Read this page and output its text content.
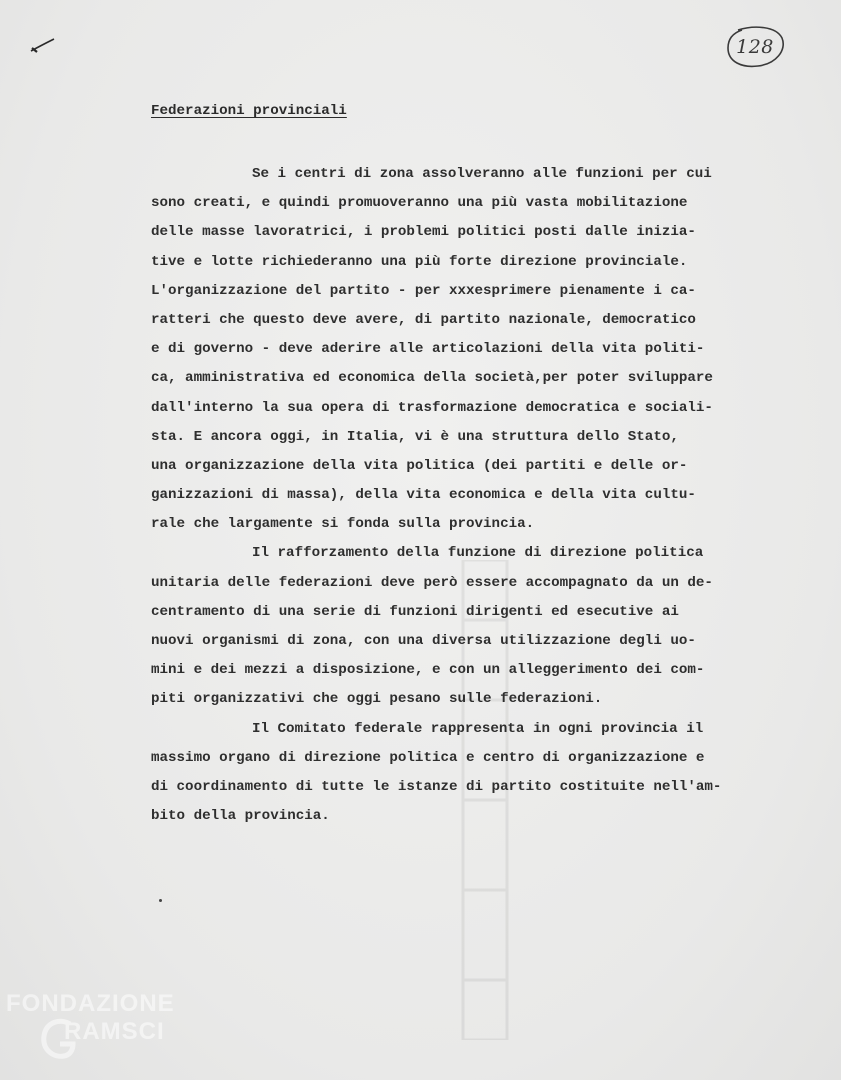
128
Federazioni provinciali
Se i centri di zona assolveranno alle funzioni per cui
sono creati, e quindi promuoveranno una più vasta mobilitazione
delle masse lavoratrici, i problemi politici posti dalle inizia-
tive e lotte richiederanno una più forte direzione provinciale.
L'organizzazione del partito - per xxxesprimere pienamente i ca-
ratteri che questo deve avere, di partito nazionale, democratico
e di governo - deve aderire alle articolazioni della vita politi-
ca, amministrativa ed economica della società,per poter sviluppare
dall'interno la sua opera di trasformazione democratica e sociali-
sta. E ancora oggi, in Italia, vi è una struttura dello Stato,
una organizzazione della vita politica (dei partiti e delle or-
ganizzazioni di massa), della vita economica e della vita cultu-
rale che largamente si fonda sulla provincia.
Il rafforzamento della funzione di direzione politica
unitaria delle federazioni deve però essere accompagnato da un de-
centramento di una serie di funzioni dirigenti ed esecutive ai
nuovi organismi di zona, con una diversa utilizzazione degli uo-
mini e dei mezzi a disposizione, e con un alleggerimento dei com-
piti organizzativi che oggi pesano sulle federazioni.
Il Comitato federale rappresenta in ogni provincia il
massimo organo di direzione politica e centro di organizzazione e
di coordinamento di tutte le istanze di partito costituite nell'am-
bito della provincia.
FONDAZIONE
RAMSCI
